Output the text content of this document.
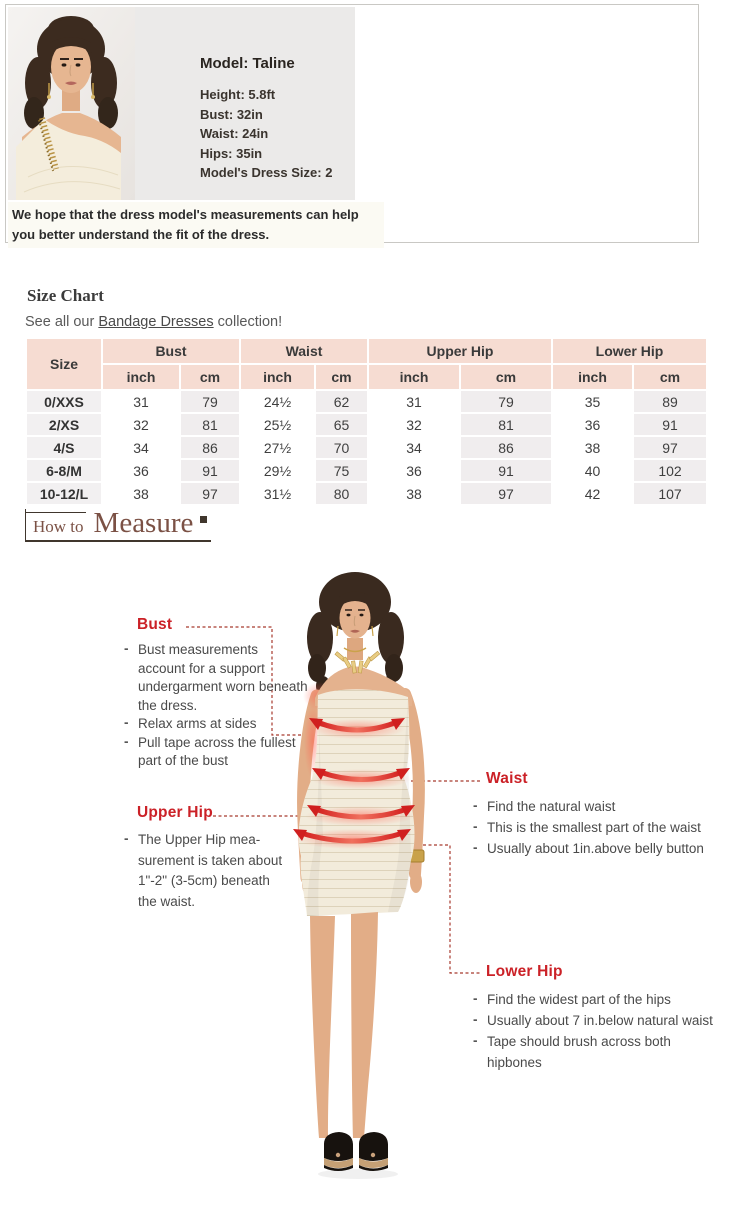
Model: Taline
Height: 5.8ft
Bust: 32in
Waist: 24in
Hips: 35in
Model's Dress Size: 2
We hope that the dress model's measurements can help you better understand the fit of the dress.
Size Chart
See all our Bandage Dresses collection!
Size	Bust		Waist		Upper Hip		Lower Hip	
	inch	cm	inch	cm	inch	cm	inch	cm
0/XXS	31	79	24½	62	31	79	35	89
2/XS	32	81	25½	65	32	81	36	91
4/S	34	86	27½	70	34	86	38	97
6-8/M	36	91	29½	75	36	91	40	102
10-12/L	38	97	31½	80	38	97	42	107
How to Measure
Bust
- Bust measurements account for a support undergarment worn beneath the dress.
- Relax arms at sides
- Pull tape across the fullest part of the bust
Upper Hip
- The Upper Hip mea- surement is taken about 1"-2" (3-5cm) beneath the waist.
Waist
- Find the natural waist
- This is the smallest part of the waist
- Usually about 1in.above belly button
Lower Hip
- Find the widest part of the hips
- Usually about 7 in.below natural waist
- Tape should brush across both hipbones
